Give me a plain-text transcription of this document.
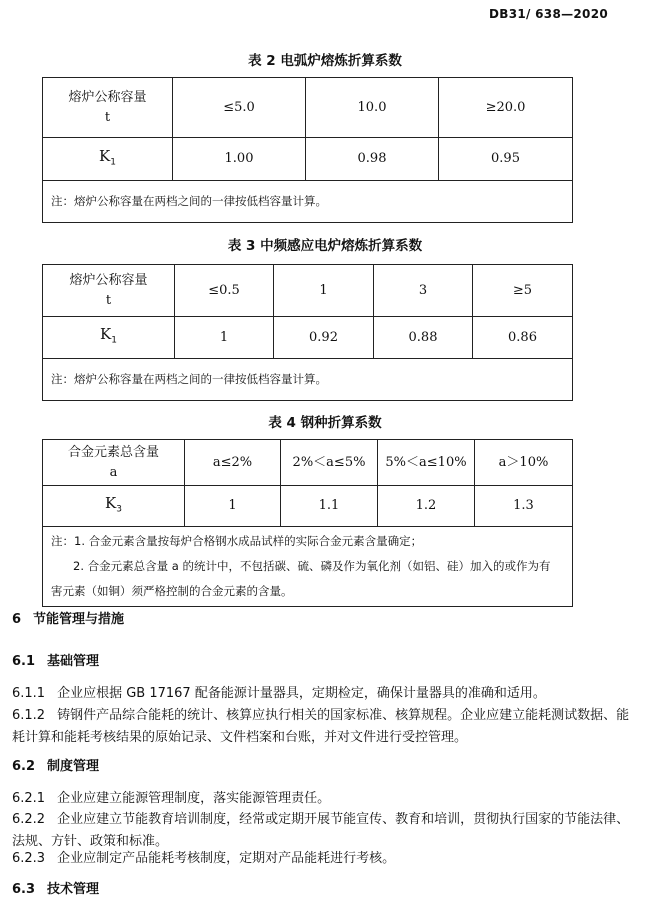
DB31/ 638—2020
表 2 电弧炉熔炼折算系数
熔炉公称容量
t	≤5.0	10.0	≥20.0
$K_1$	1.00	0.98	0.95
注：熔炉公称容量在两档之间的一律按低档容量计算。			
表 3 中频感应电炉熔炼折算系数
熔炉公称容量
t	≤0.5	1	3	≥5
$K_1$	1	0.92	0.88	0.86
注：熔炉公称容量在两档之间的一律按低档容量计算。				
表 4 钢种折算系数
合金元素总含量
a	a≤2%	2%＜a≤5%	5%＜a≤10%	a＞10%
$K_3$	1	1.1	1.2	1.3

注：1. 合金元素含量按每炉合格钢水成品试样的实际合金元素含量确定；
2. 合金元素总含量 a 的统计中，不包括碳、硫、磷及作为氧化剂（如铝、硅）加入的或作为有
害元素（如铜）须严格控制的合金元素的含量。				
6 节能管理与措施
6.1 基础管理
6.1.1 企业应根据 GB 17167 配备能源计量器具，定期检定，确保计量器具的准确和适用。
6.1.2 铸钢件产品综合能耗的统计、核算应执行相关的国家标准、核算规程。企业应建立能耗测试数据、能耗计算和能耗考核结果的原始记录、文件档案和台账，并对文件进行受控管理。
6.2 制度管理
6.2.1 企业应建立能源管理制度，落实能源管理责任。
6.2.2 企业应建立节能教育培训制度，经常或定期开展节能宣传、教育和培训，贯彻执行国家的节能法律、法规、方针、政策和标准。
6.2.3 企业应制定产品能耗考核制度，定期对产品能耗进行考核。
6.3 技术管理
